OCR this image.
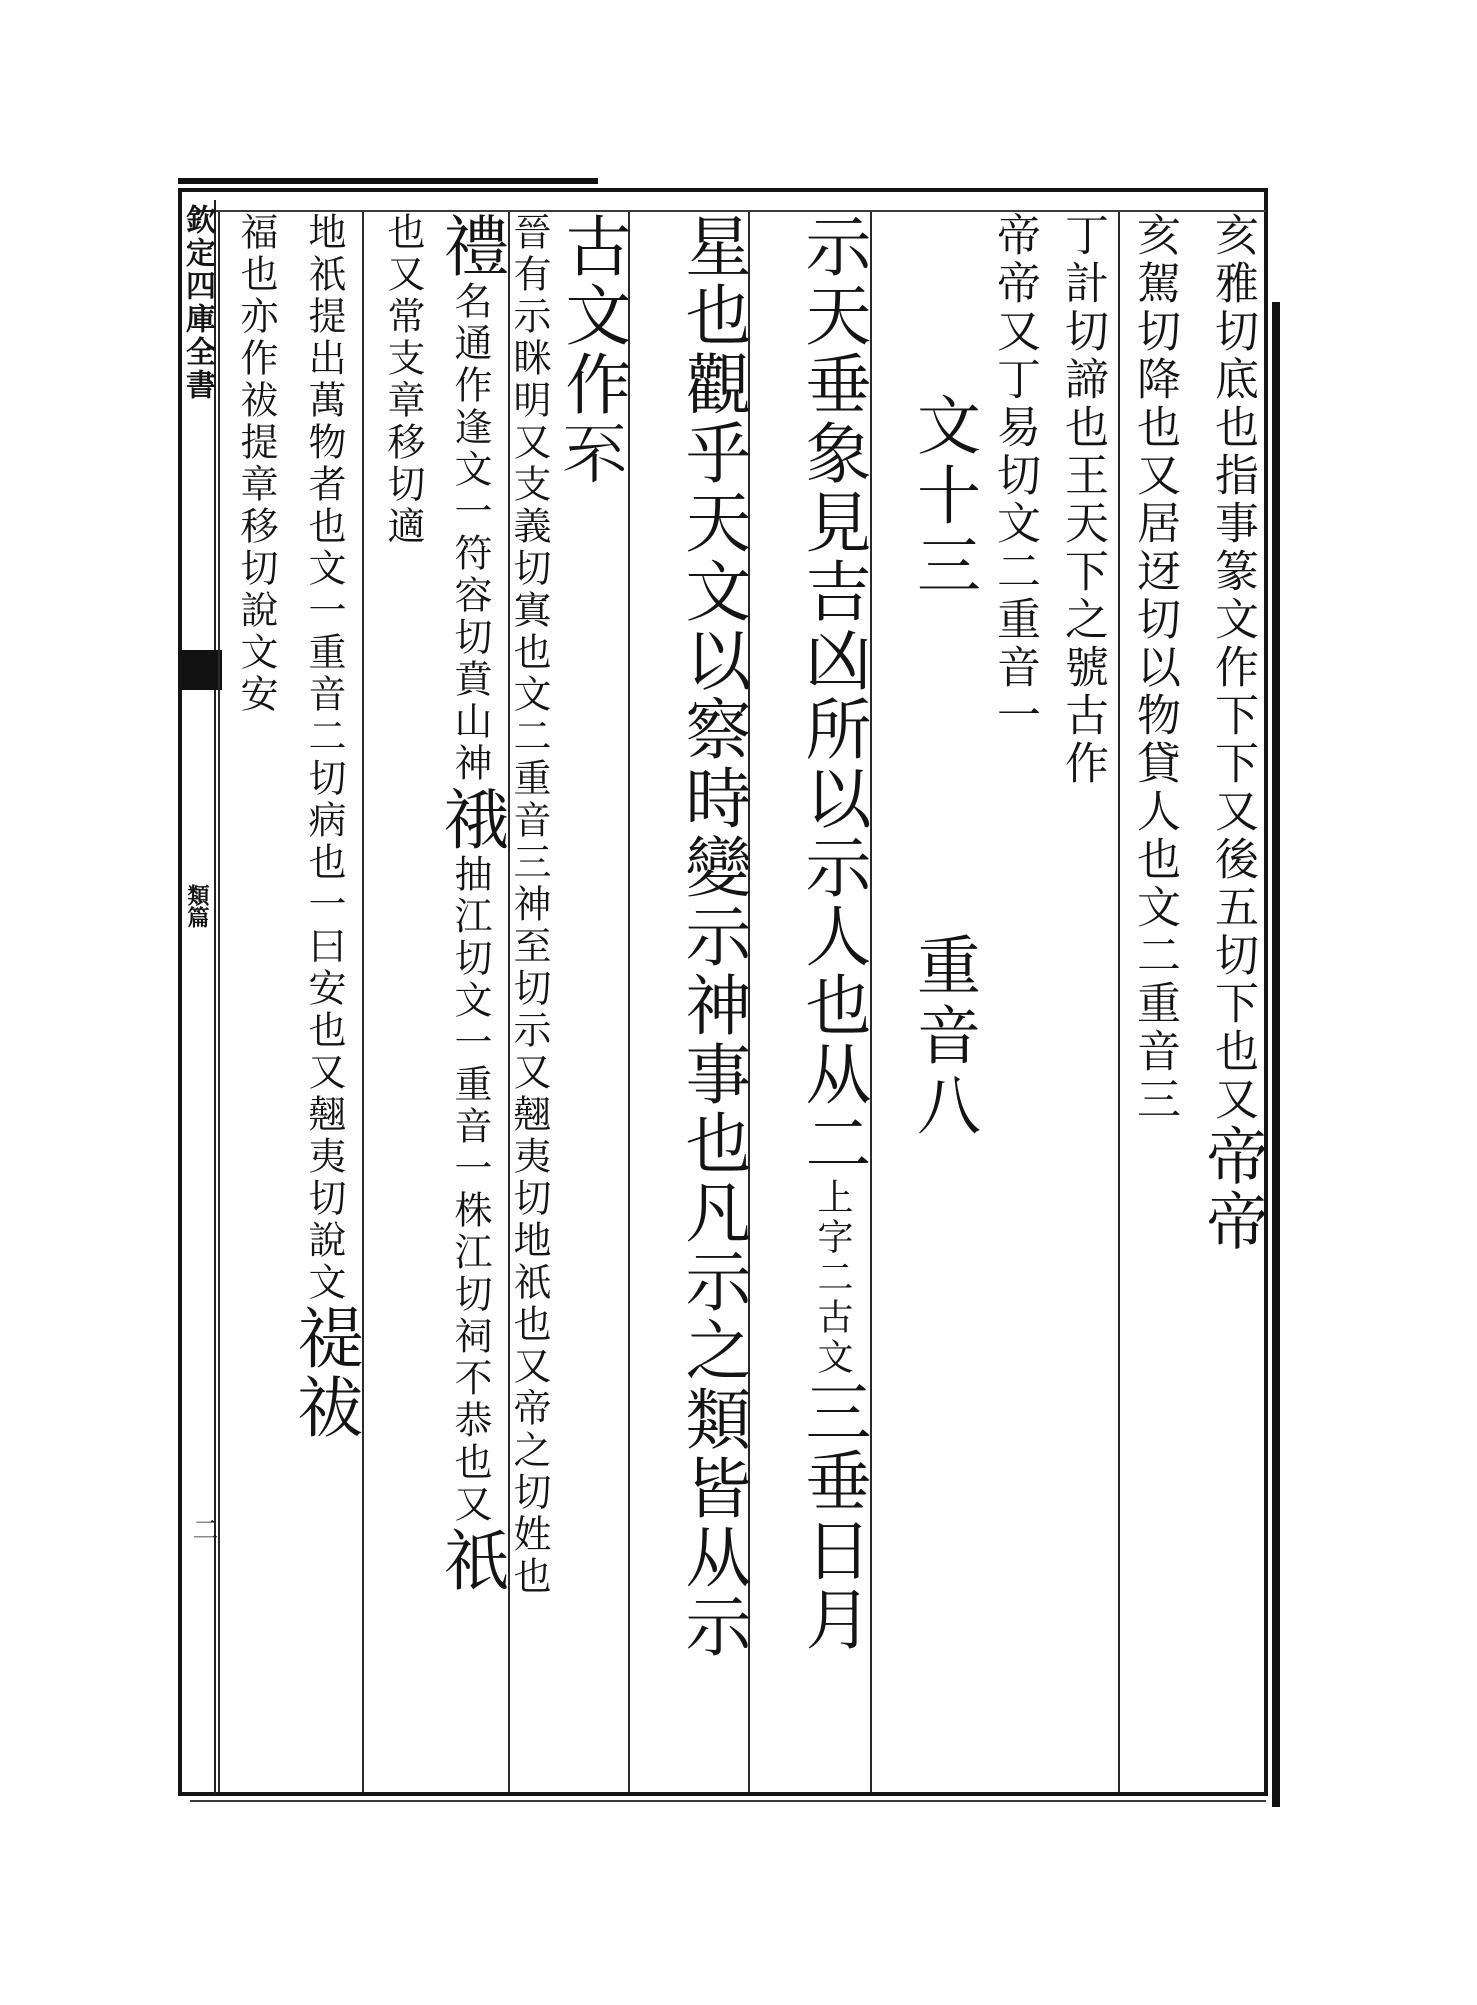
欽定四庫全書
類篇
二
亥雅切底也指事篆文作下下又後五切下也又帝帝
亥駕切降也又居迓切以物貸人也文二重音三
丁計切諦也王天下之號古作
帝帝又丁易切文二重音一
文十三重音八
示天垂象見吉凶所以示人也从二
二古文
上字
三垂日月
星也觀乎天文以察時變示神事也凡示之類皆从示
古文作𠀚
神至切示又翹夷切地祇也又帝之切姓也
晉有示眯明又支義切寘也文二重音三
禮
符容切賁山神
名通作逢文一
䄉
株江切祠不恭也又
抽江切文一重音一
祇
章移切適
也又常支
切病也一曰安也又翹夷切說文
地祇提出萬物者也文一重音二
禔祓
章移切說文安
福也亦作祓提
